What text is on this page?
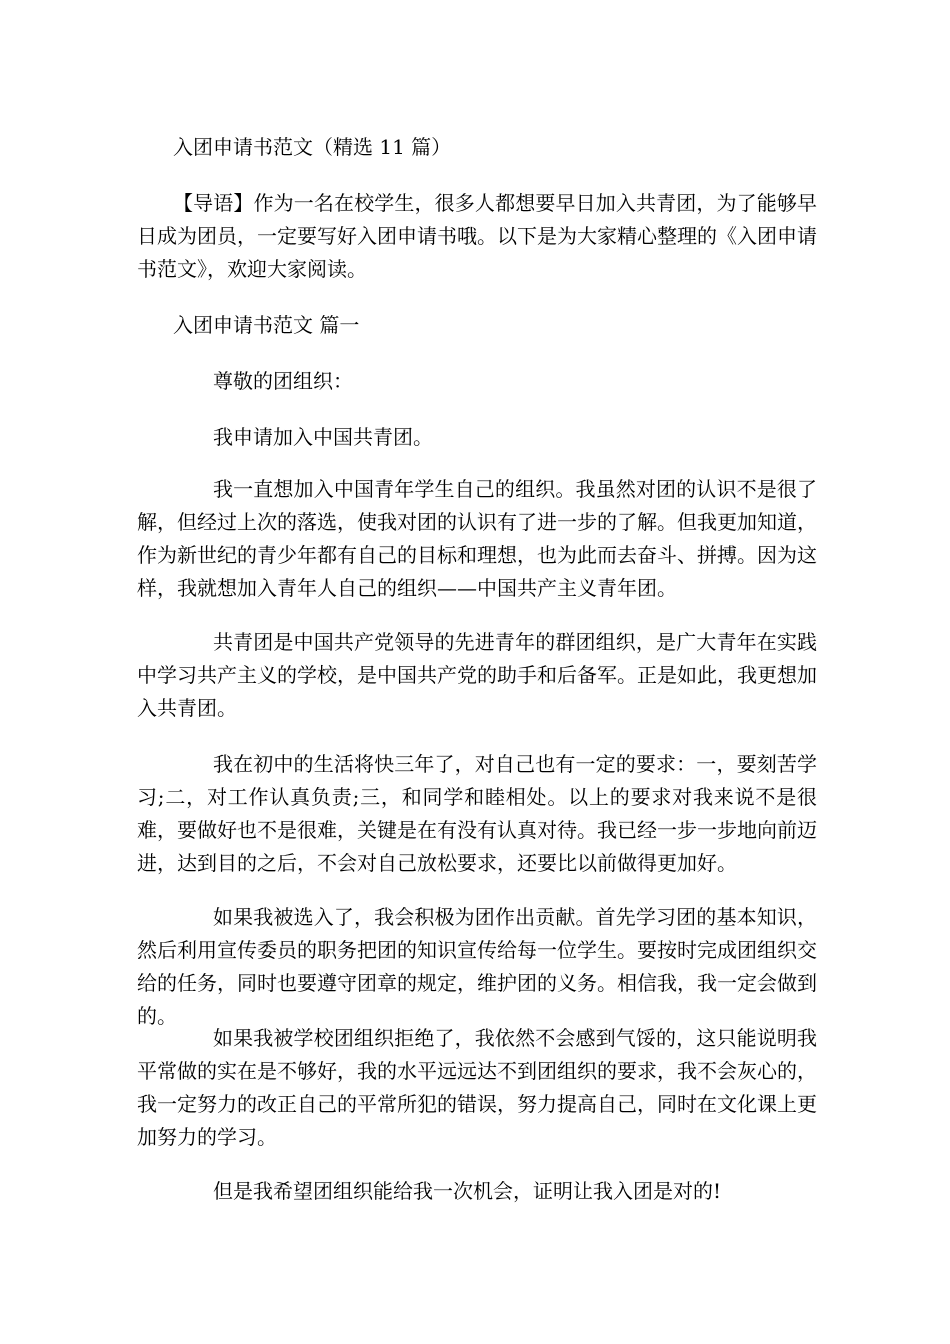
入团申请书范文（精选 11 篇）

【导语】作为一名在校学生，很多人都想要早日加入共青团，为了能够早日成为团员，一定要写好入团申请书哦。以下是为大家精心整理的《入团申请书范文》，欢迎大家阅读。

入团申请书范文 篇一

尊敬的团组织：

我申请加入中国共青团。

我一直想加入中国青年学生自己的组织。我虽然对团的认识不是很了解，但经过上次的落选，使我对团的认识有了进一步的了解。但我更加知道，作为新世纪的青少年都有自己的目标和理想，也为此而去奋斗、拼搏。因为这样，我就想加入青年人自己的组织——中国共产主义青年团。

共青团是中国共产党领导的先进青年的群团组织，是广大青年在实践中学习共产主义的学校，是中国共产党的助手和后备军。正是如此，我更想加入共青团。

我在初中的生活将快三年了，对自己也有一定的要求：一，要刻苦学习;二，对工作认真负责;三，和同学和睦相处。以上的要求对我来说不是很难，要做好也不是很难，关键是在有没有认真对待。我已经一步一步地向前迈进，达到目的之后，不会对自己放松要求，还要比以前做得更加好。

如果我被选入了，我会积极为团作出贡献。首先学习团的基本知识，然后利用宣传委员的职务把团的知识宣传给每一位学生。要按时完成团组织交给的任务，同时也要遵守团章的规定，维护团的义务。相信我，我一定会做到的。

如果我被学校团组织拒绝了，我依然不会感到气馁的，这只能说明我平常做的实在是不够好，我的水平远远达不到团组织的要求，我不会灰心的，我一定努力的改正自己的平常所犯的错误，努力提高自己，同时在文化课上更加努力的学习。

但是我希望团组织能给我一次机会，证明让我入团是对的!
